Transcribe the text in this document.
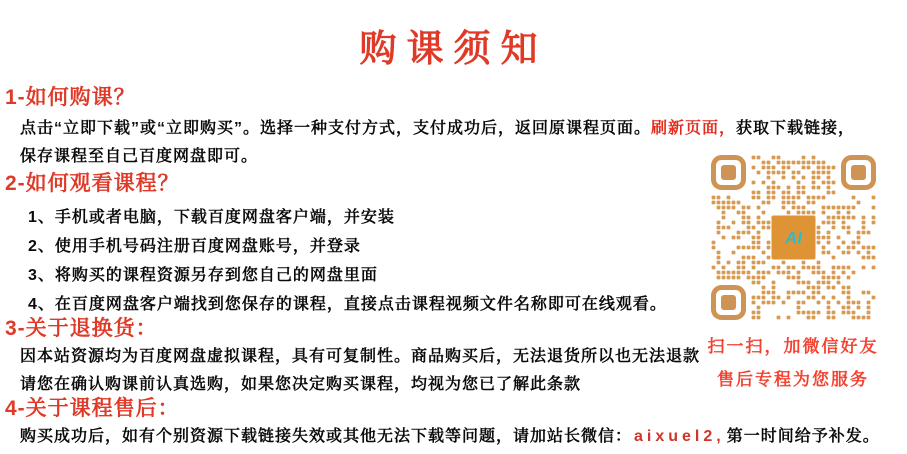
购课须知
1-如何购课？

点击“立即下载”或“立即购买”。选择一种支付方式，支付成功后，返回原课程页面。刷新页面，获取下载链接，

保存课程至自己百度网盘即可。

2-如何观看课程？
1、手机或者电脑，下载百度网盘客户端，并安装
2、使用手机号码注册百度网盘账号，并登录
3、将购买的课程资源另存到您自己的网盘里面
4、在百度网盘客户端找到您保存的课程，直接点击课程视频文件名称即可在线观看。
3-关于退换货：

因本站资源均为百度网盘虚拟课程，具有可复制性。商品购买后，无法退货所以也无法退款

请您在确认购课前认真选购，如果您决定购买课程，均视为您已了解此条款

4-关于课程售后：

购买成功后，如有个别资源下载链接失效或其他无法下载等问题，请加站长微信： aixuel2, 第一时间给予补发。

AI
扫一扫，加微信好友
售后专程为您服务
